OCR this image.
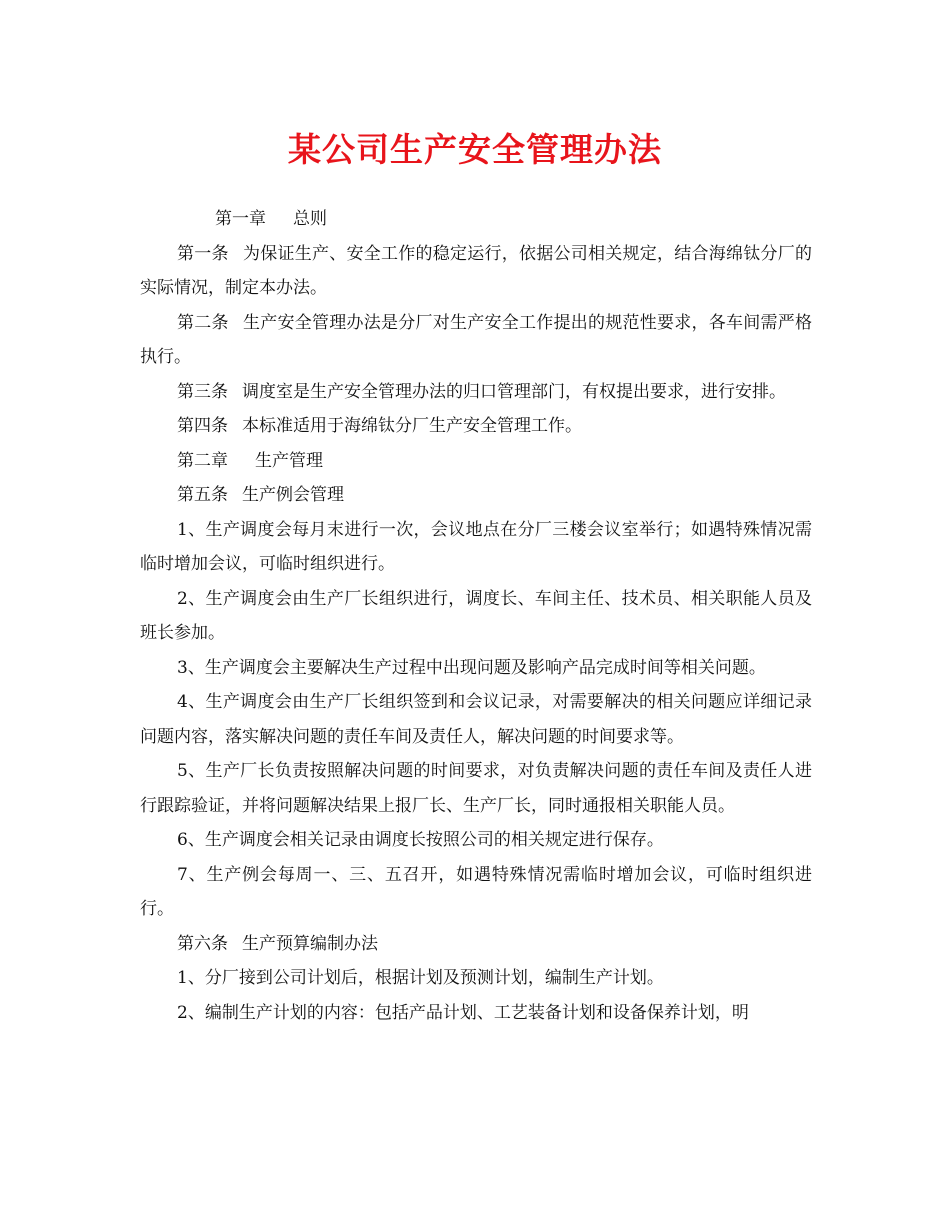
某公司生产安全管理办法

第一章 总则

第一条 为保证生产、安全工作的稳定运行，依据公司相关规定，结合海绵钛分厂的实际情况，制定本办法。

第二条 生产安全管理办法是分厂对生产安全工作提出的规范性要求，各车间需严格执行。

第三条 调度室是生产安全管理办法的归口管理部门，有权提出要求，进行安排。

第四条 本标准适用于海绵钛分厂生产安全管理工作。

第二章 生产管理

第五条 生产例会管理

1、生产调度会每月末进行一次，会议地点在分厂三楼会议室举行；如遇特殊情况需临时增加会议，可临时组织进行。

2、生产调度会由生产厂长组织进行，调度长、车间主任、技术员、相关职能人员及班长参加。

3、生产调度会主要解决生产过程中出现问题及影响产品完成时间等相关问题。

4、生产调度会由生产厂长组织签到和会议记录，对需要解决的相关问题应详细记录问题内容，落实解决问题的责任车间及责任人，解决问题的时间要求等。

5、生产厂长负责按照解决问题的时间要求，对负责解决问题的责任车间及责任人进行跟踪验证，并将问题解决结果上报厂长、生产厂长，同时通报相关职能人员。

6、生产调度会相关记录由调度长按照公司的相关规定进行保存。

7、生产例会每周一、三、五召开，如遇特殊情况需临时增加会议，可临时组织进行。

第六条 生产预算编制办法

1、分厂接到公司计划后，根据计划及预测计划，编制生产计划。

2、编制生产计划的内容：包括产品计划、工艺装备计划和设备保养计划，明
